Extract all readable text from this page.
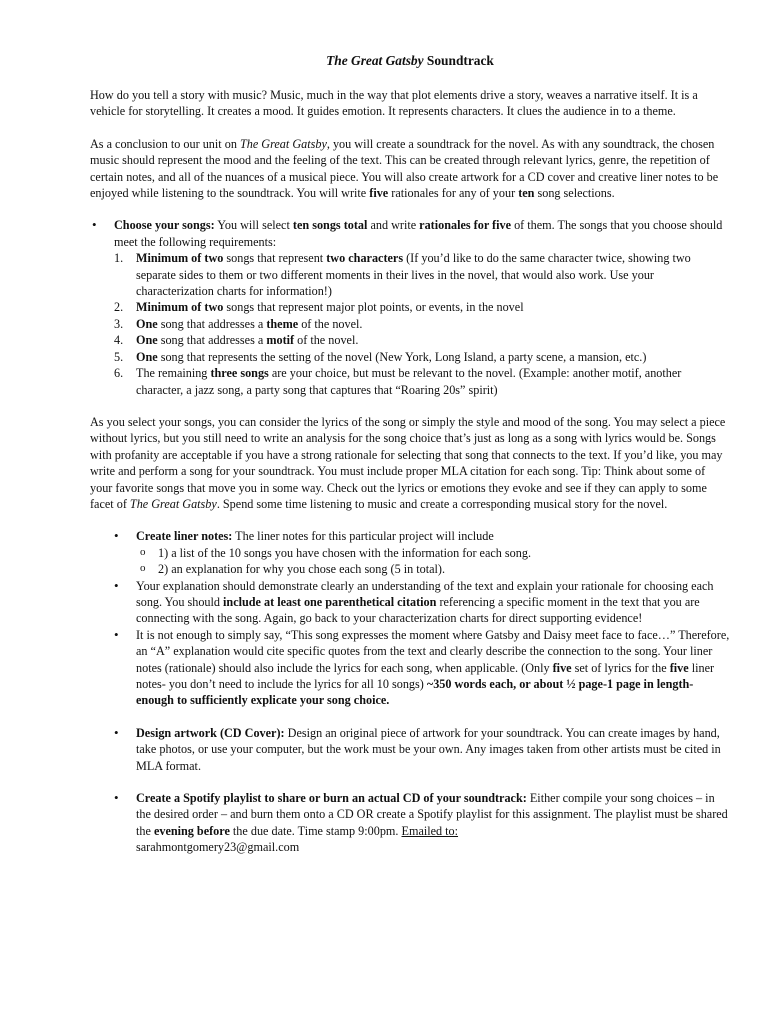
The Great Gatsby Soundtrack

How do you tell a story with music? Music, much in the way that plot elements drive a story, weaves a narrative itself. It is a vehicle for storytelling. It creates a mood. It guides emotion. It represents characters. It clues the audience in to a theme.

As a conclusion to our unit on The Great Gatsby, you will create a soundtrack for the novel. As with any soundtrack, the chosen music should represent the mood and the feeling of the text. This can be created through relevant lyrics, genre, the repetition of certain notes, and all of the nuances of a musical piece. You will also create artwork for a CD cover and creative liner notes to be enjoyed while listening to the soundtrack. You will write five rationales for any of your ten song selections.

• Choose your songs: You will select ten songs total and write rationales for five of them. The songs that you choose should meet the following requirements:
1. Minimum of two songs that represent two characters (If you’d like to do the same character twice, showing two separate sides to them or two different moments in their lives in the novel, that would also work. Use your characterization charts for information!)
2. Minimum of two songs that represent major plot points, or events, in the novel
3. One song that addresses a theme of the novel.
4. One song that addresses a motif of the novel.
5. One song that represents the setting of the novel (New York, Long Island, a party scene, a mansion, etc.)
6. The remaining three songs are your choice, but must be relevant to the novel. (Example: another motif, another character, a jazz song, a party song that captures that “Roaring 20s” spirit)

As you select your songs, you can consider the lyrics of the song or simply the style and mood of the song. You may select a piece without lyrics, but you still need to write an analysis for the song choice that’s just as long as a song with lyrics would be. Songs with profanity are acceptable if you have a strong rationale for selecting that song that connects to the text. If you’d like, you may write and perform a song for your soundtrack. You must include proper MLA citation for each song. Tip: Think about some of your favorite songs that move you in some way. Check out the lyrics or emotions they evoke and see if they can apply to some facet of The Great Gatsby. Spend some time listening to music and create a corresponding musical story for the novel.

• Create liner notes: The liner notes for this particular project will include
o 1) a list of the 10 songs you have chosen with the information for each song.
o 2) an explanation for why you chose each song (5 in total).
• Your explanation should demonstrate clearly an understanding of the text and explain your rationale for choosing each song. You should include at least one parenthetical citation referencing a specific moment in the text that you are connecting with the song. Again, go back to your characterization charts for direct supporting evidence!
• It is not enough to simply say, “This song expresses the moment where Gatsby and Daisy meet face to face…” Therefore, an “A” explanation would cite specific quotes from the text and clearly describe the connection to the song. Your liner notes (rationale) should also include the lyrics for each song, when applicable. (Only five set of lyrics for the five liner notes- you don’t need to include the lyrics for all 10 songs) ~350 words each, or about ½ page-1 page in length- enough to sufficiently explicate your song choice.
• Design artwork (CD Cover): Design an original piece of artwork for your soundtrack. You can create images by hand, take photos, or use your computer, but the work must be your own. Any images taken from other artists must be cited in MLA format.
• Create a Spotify playlist to share or burn an actual CD of your soundtrack: Either compile your song choices – in the desired order – and burn them onto a CD OR create a Spotify playlist for this assignment. The playlist must be shared the evening before the due date. Time stamp 9:00pm. Emailed to:
sarahmontgomery23@gmail.com
